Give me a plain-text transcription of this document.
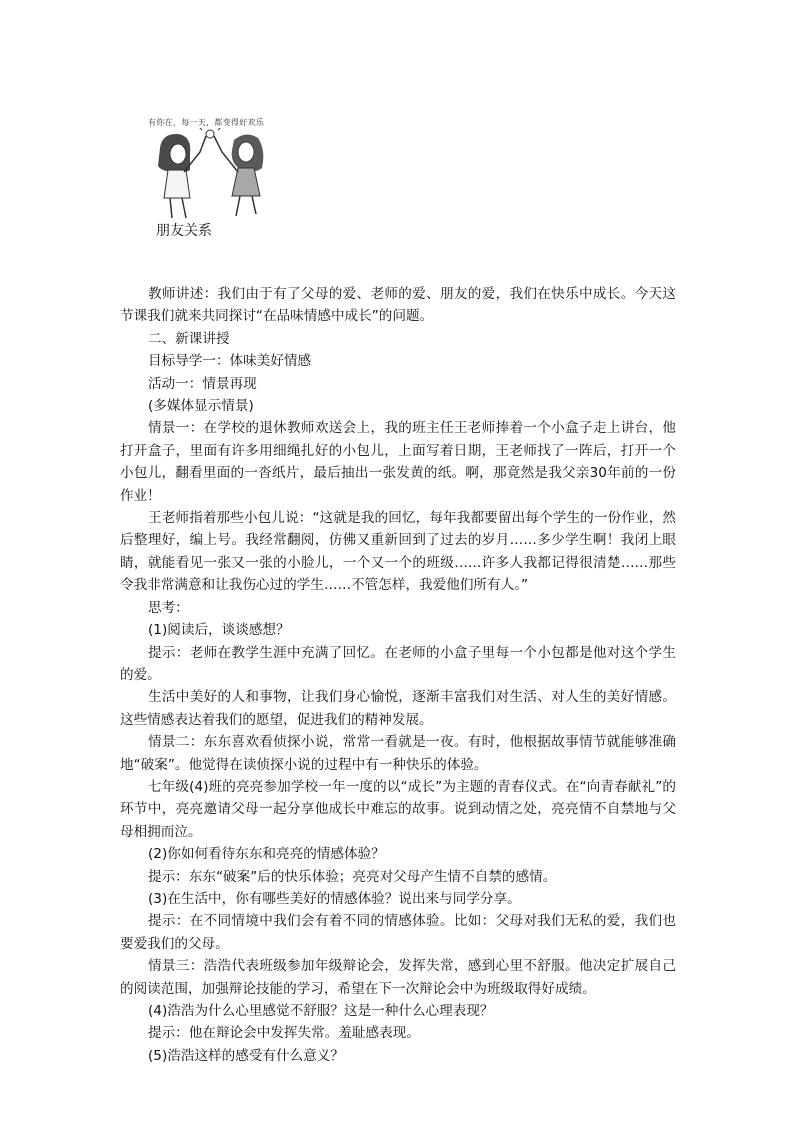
有你在，每一天，都变得好欢乐
朋友关系

教师讲述：我们由于有了父母的爱、老师的爱、朋友的爱，我们在快乐中成长。今天这节课我们就来共同探讨“在品味情感中成长”的问题。

二、新课讲授

目标导学一：体味美好情感

活动一：情景再现

(多媒体显示情景)

情景一：在学校的退休教师欢送会上，我的班主任王老师捧着一个小盒子走上讲台，他打开盒子，里面有许多用细绳扎好的小包儿，上面写着日期，王老师找了一阵后，打开一个小包儿，翻看里面的一沓纸片，最后抽出一张发黄的纸。啊，那竟然是我父亲30年前的一份作业！

王老师指着那些小包儿说：“这就是我的回忆，每年我都要留出每个学生的一份作业，然后整理好，编上号。我经常翻阅，仿佛又重新回到了过去的岁月……多少学生啊！我闭上眼睛，就能看见一张又一张的小脸儿，一个又一个的班级……许多人我都记得很清楚……那些令我非常满意和让我伤心过的学生……不管怎样，我爱他们所有人。”

思考：

(1)阅读后，谈谈感想？

提示：老师在教学生涯中充满了回忆。在老师的小盒子里每一个小包都是他对这个学生的爱。

生活中美好的人和事物，让我们身心愉悦，逐渐丰富我们对生活、对人生的美好情感。这些情感表达着我们的愿望，促进我们的精神发展。

情景二：东东喜欢看侦探小说，常常一看就是一夜。有时，他根据故事情节就能够准确地“破案”。他觉得在读侦探小说的过程中有一种快乐的体验。

七年级(4)班的亮亮参加学校一年一度的以“成长”为主题的青春仪式。在“向青春献礼”的环节中，亮亮邀请父母一起分享他成长中难忘的故事。说到动情之处，亮亮情不自禁地与父母相拥而泣。

(2)你如何看待东东和亮亮的情感体验？

提示：东东“破案”后的快乐体验；亮亮对父母产生情不自禁的感情。

(3)在生活中，你有哪些美好的情感体验？说出来与同学分享。

提示：在不同情境中我们会有着不同的情感体验。比如：父母对我们无私的爱，我们也要爱我们的父母。

情景三：浩浩代表班级参加年级辩论会，发挥失常，感到心里不舒服。他决定扩展自己的阅读范围，加强辩论技能的学习，希望在下一次辩论会中为班级取得好成绩。

(4)浩浩为什么心里感觉不舒服？这是一种什么心理表现？

提示：他在辩论会中发挥失常。羞耻感表现。

(5)浩浩这样的感受有什么意义？
